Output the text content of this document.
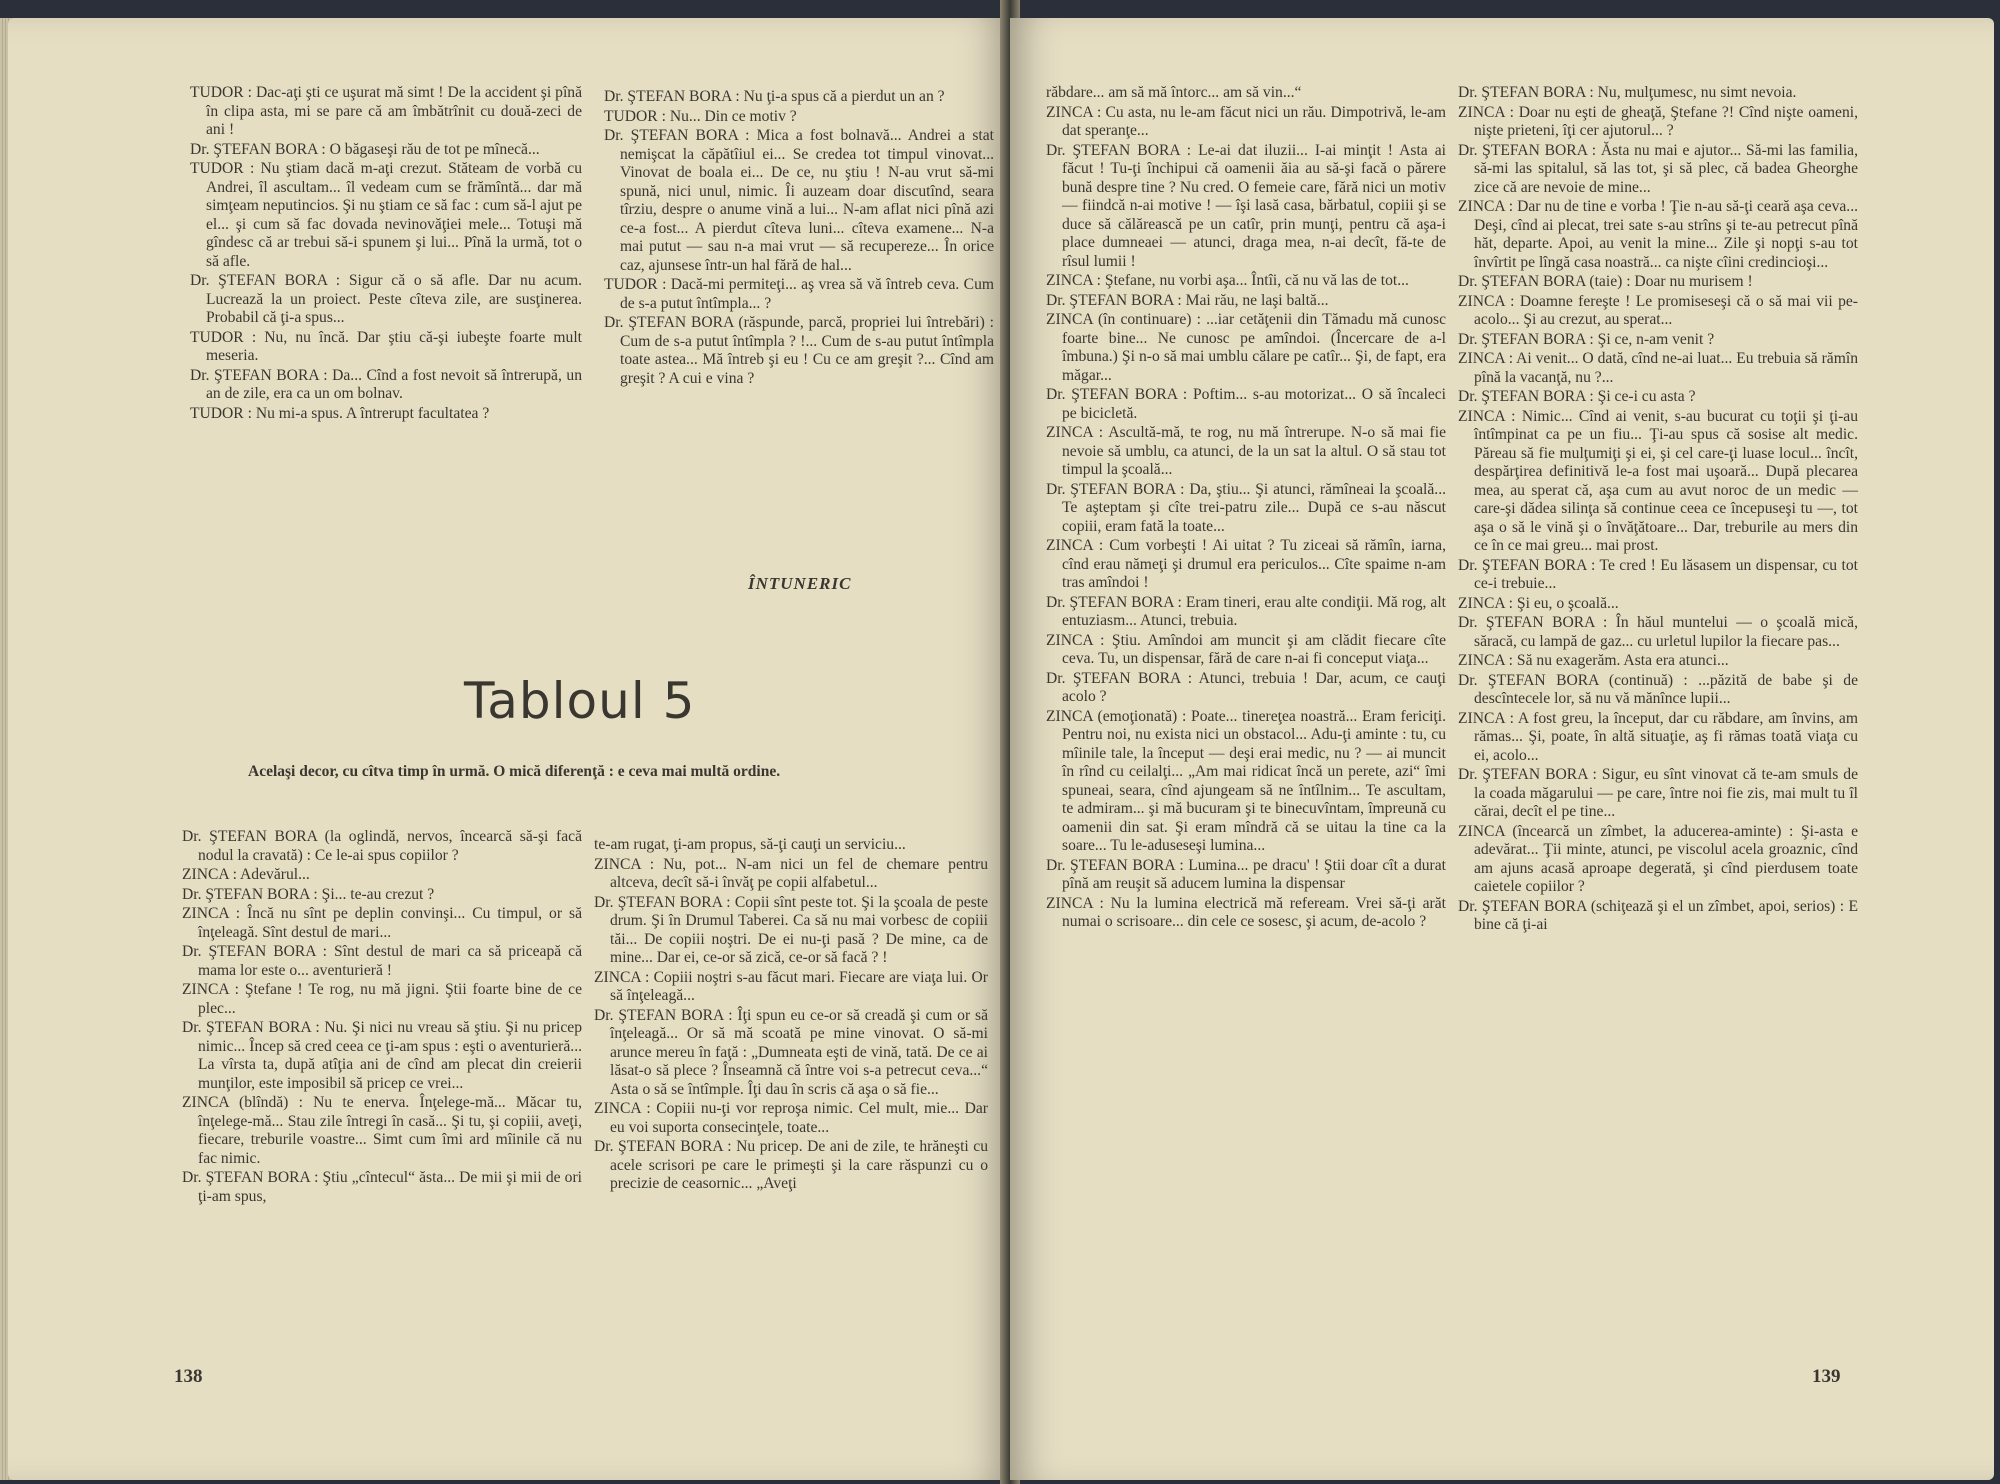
TUDOR : Dac-aţi şti ce uşurat mă simt ! De la accident şi pînă în clipa asta, mi se pare că am îmbătrînit cu două-zeci de ani !

Dr. ŞTEFAN BORA : O băgaseşi rău de tot pe mînecă...

TUDOR : Nu ştiam dacă m-aţi crezut. Stăteam de vorbă cu Andrei, îl ascultam... îl vedeam cum se frămîntă... dar mă simţeam neputincios. Şi nu ştiam ce să fac : cum să-l ajut pe el... şi cum să fac dovada nevinovăţiei mele... Totuşi mă gîndesc că ar trebui să-i spunem şi lui... Pînă la urmă, tot o să afle.

Dr. ŞTEFAN BORA : Sigur că o să afle. Dar nu acum. Lucrează la un proiect. Peste cîteva zile, are susţinerea. Probabil că ţi-a spus...

TUDOR : Nu, nu încă. Dar ştiu că-şi iubeşte foarte mult meseria.

Dr. ŞTEFAN BORA : Da... Cînd a fost nevoit să întrerupă, un an de zile, era ca un om bolnav.

TUDOR : Nu mi-a spus. A întrerupt facultatea ?

Dr. ŞTEFAN BORA : Nu ţi-a spus că a pierdut un an ?

TUDOR : Nu... Din ce motiv ?

Dr. ŞTEFAN BORA : Mica a fost bolnavă... Andrei a stat nemişcat la căpătîiul ei... Se credea tot timpul vinovat... Vinovat de boala ei... De ce, nu ştiu ! N-au vrut să-mi spună, nici unul, nimic. Îi auzeam doar discutînd, seara tîrziu, despre o anume vină a lui... N-am aflat nici pînă azi ce-a fost... A pierdut cîteva luni... cîteva examene... N-a mai putut — sau n-a mai vrut — să recupereze... În orice caz, ajunsese într-un hal fără de hal...

TUDOR : Dacă-mi permiteţi... aş vrea să vă întreb ceva. Cum de s-a putut întîmpla... ?

Dr. ŞTEFAN BORA (răspunde, parcă, propriei lui întrebări) : Cum de s-a putut întîmpla ? !... Cum de s-au putut întîmpla toate astea... Mă întreb şi eu ! Cu ce am greşit ?... Cînd am greşit ? A cui e vina ?

ÎNTUNERIC
Tabloul 5
Acelaşi decor, cu cîtva timp în urmă. O mică diferenţă : e ceva mai multă ordine.

Dr. ŞTEFAN BORA (la oglindă, nervos, încearcă să-şi facă nodul la cravată) : Ce le-ai spus copiilor ?

ZINCA : Adevărul...

Dr. ŞTEFAN BORA : Şi... te-au crezut ?

ZINCA : Încă nu sînt pe deplin convinşi... Cu timpul, or să înţeleagă. Sînt destul de mari...

Dr. ŞTEFAN BORA : Sînt destul de mari ca să priceapă că mama lor este o... aventurieră !

ZINCA : Ştefane ! Te rog, nu mă jigni. Ştii foarte bine de ce plec...

Dr. ŞTEFAN BORA : Nu. Şi nici nu vreau să ştiu. Şi nu pricep nimic... Încep să cred ceea ce ţi-am spus : eşti o aventurieră... La vîrsta ta, după atîţia ani de cînd am plecat din creierii munţilor, este imposibil să pricep ce vrei...

ZINCA (blîndă) : Nu te enerva. Înţelege-mă... Măcar tu, înţelege-mă... Stau zile întregi în casă... Şi tu, şi copiii, aveţi, fiecare, treburile voastre... Simt cum îmi ard mîinile că nu fac nimic.

Dr. ŞTEFAN BORA : Ştiu „cîntecul“ ăsta... De mii şi mii de ori ţi-am spus,

te-am rugat, ţi-am propus, să-ţi cauţi un serviciu...

ZINCA : Nu, pot... N-am nici un fel de chemare pentru altceva, decît să-i învăţ pe copii alfabetul...

Dr. ŞTEFAN BORA : Copii sînt peste tot. Şi la şcoala de peste drum. Şi în Drumul Taberei. Ca să nu mai vorbesc de copiii tăi... De copiii noştri. De ei nu-ţi pasă ? De mine, ca de mine... Dar ei, ce-or să zică, ce-or să facă ? !

ZINCA : Copiii noştri s-au făcut mari. Fiecare are viaţa lui. Or să înţeleagă...

Dr. ŞTEFAN BORA : Îţi spun eu ce-or să creadă şi cum or să înţeleagă... Or să mă scoată pe mine vinovat. O să-mi arunce mereu în faţă : „Dumneata eşti de vină, tată. De ce ai lăsat-o să plece ? Înseamnă că între voi s-a petrecut ceva...“ Asta o să se întîmple. Îţi dau în scris că aşa o să fie...

ZINCA : Copiii nu-ţi vor reproşa nimic. Cel mult, mie... Dar eu voi suporta consecinţele, toate...

Dr. ŞTEFAN BORA : Nu pricep. De ani de zile, te hrăneşti cu acele scrisori pe care le primeşti şi la care răspunzi cu o precizie de ceasornic... „Aveţi

138

răbdare... am să mă întorc... am să vin...“

ZINCA : Cu asta, nu le-am făcut nici un rău. Dimpotrivă, le-am dat speranţe...

Dr. ŞTEFAN BORA : Le-ai dat iluzii... I-ai minţit ! Asta ai făcut ! Tu-ţi închipui că oamenii ăia au să-şi facă o părere bună despre tine ? Nu cred. O femeie care, fără nici un motiv — fiindcă n-ai motive ! — îşi lasă casa, bărbatul, copiii şi se duce să călărească pe un catîr, prin munţi, pentru că aşa-i place dumneaei — atunci, draga mea, n-ai decît, fă-te de rîsul lumii !

ZINCA : Ştefane, nu vorbi aşa... Întîi, că nu vă las de tot...

Dr. ŞTEFAN BORA : Mai rău, ne laşi baltă...

ZINCA (în continuare) : ...iar cetăţenii din Tămadu mă cunosc foarte bine... Ne cunosc pe amîndoi. (Încercare de a-l îmbuna.) Şi n-o să mai umblu călare pe catîr... Şi, de fapt, era măgar...

Dr. ŞTEFAN BORA : Poftim... s-au motorizat... O să încaleci pe bicicletă.

ZINCA : Ascultă-mă, te rog, nu mă întrerupe. N-o să mai fie nevoie să umblu, ca atunci, de la un sat la altul. O să stau tot timpul la şcoală...

Dr. ŞTEFAN BORA : Da, ştiu... Şi atunci, rămîneai la şcoală... Te aşteptam şi cîte trei-patru zile... După ce s-au născut copiii, eram fată la toate...

ZINCA : Cum vorbeşti ! Ai uitat ? Tu ziceai să rămîn, iarna, cînd erau nămeţi şi drumul era periculos... Cîte spaime n-am tras amîndoi !

Dr. ŞTEFAN BORA : Eram tineri, erau alte condiţii. Mă rog, alt entuziasm... Atunci, trebuia.

ZINCA : Ştiu. Amîndoi am muncit şi am clădit fiecare cîte ceva. Tu, un dispensar, fără de care n-ai fi conceput viaţa...

Dr. ŞTEFAN BORA : Atunci, trebuia ! Dar, acum, ce cauţi acolo ?

ZINCA (emoţionată) : Poate... tinereţea noastră... Eram fericiţi. Pentru noi, nu exista nici un obstacol... Adu-ţi aminte : tu, cu mîinile tale, la început — deşi erai medic, nu ? — ai muncit în rînd cu ceilalţi... „Am mai ridicat încă un perete, azi“ îmi spuneai, seara, cînd ajungeam să ne întîlnim... Te ascultam, te admiram... şi mă bucuram şi te binecuvîntam, împreună cu oamenii din sat. Şi eram mîndră că se uitau la tine ca la soare... Tu le-aduseseşi lumina...

Dr. ŞTEFAN BORA : Lumina... pe dracu' ! Ştii doar cît a durat pînă am reuşit să aducem lumina la dispensar

ZINCA : Nu la lumina electrică mă refeream. Vrei să-ţi arăt numai o scrisoare... din cele ce sosesc, şi acum, de-acolo ?

Dr. ŞTEFAN BORA : Nu, mulţumesc, nu simt nevoia.

ZINCA : Doar nu eşti de gheaţă, Ştefane ?! Cînd nişte oameni, nişte prieteni, îţi cer ajutorul... ?

Dr. ŞTEFAN BORA : Ăsta nu mai e ajutor... Să-mi las familia, să-mi las spitalul, să las tot, şi să plec, că badea Gheorghe zice că are nevoie de mine...

ZINCA : Dar nu de tine e vorba ! Ţie n-au să-ţi ceară aşa ceva... Deşi, cînd ai plecat, trei sate s-au strîns şi te-au petrecut pînă hăt, departe. Apoi, au venit la mine... Zile şi nopţi s-au tot învîrtit pe lîngă casa noastră... ca nişte cîini credincioşi...

Dr. ŞTEFAN BORA (taie) : Doar nu murisem !

ZINCA : Doamne fereşte ! Le promiseseşi că o să mai vii pe-acolo... Şi au crezut, au sperat...

Dr. ŞTEFAN BORA : Şi ce, n-am venit ?

ZINCA : Ai venit... O dată, cînd ne-ai luat... Eu trebuia să rămîn pînă la vacanţă, nu ?...

Dr. ŞTEFAN BORA : Şi ce-i cu asta ?

ZINCA : Nimic... Cînd ai venit, s-au bucurat cu toţii şi ţi-au întîmpinat ca pe un fiu... Ţi-au spus că sosise alt medic. Păreau să fie mulţumiţi şi ei, şi cel care-ţi luase locul... încît, despărţirea definitivă le-a fost mai uşoară... După plecarea mea, au sperat că, aşa cum au avut noroc de un medic — care-şi dădea silinţa să continue ceea ce începuseşi tu —, tot aşa o să le vină şi o învăţătoare... Dar, treburile au mers din ce în ce mai greu... mai prost.

Dr. ŞTEFAN BORA : Te cred ! Eu lăsasem un dispensar, cu tot ce-i trebuie...

ZINCA : Şi eu, o şcoală...

Dr. ŞTEFAN BORA : În hăul muntelui — o şcoală mică, săracă, cu lampă de gaz... cu urletul lupilor la fiecare pas...

ZINCA : Să nu exagerăm. Asta era atunci...

Dr. ŞTEFAN BORA (continuă) : ...păzită de babe şi de descîntecele lor, să nu vă mănînce lupii...

ZINCA : A fost greu, la început, dar cu răbdare, am învins, am rămas... Şi, poate, în altă situaţie, aş fi rămas toată viaţa cu ei, acolo...

Dr. ŞTEFAN BORA : Sigur, eu sînt vinovat că te-am smuls de la coada măgarului — pe care, între noi fie zis, mai mult tu îl cărai, decît el pe tine...

ZINCA (încearcă un zîmbet, la aducerea-aminte) : Şi-asta e adevărat... Ţii minte, atunci, pe viscolul acela groaznic, cînd am ajuns acasă aproape degerată, şi cînd pierdusem toate caietele copiilor ?

Dr. ŞTEFAN BORA (schiţează şi el un zîmbet, apoi, serios) : E bine că ţi-ai

139
